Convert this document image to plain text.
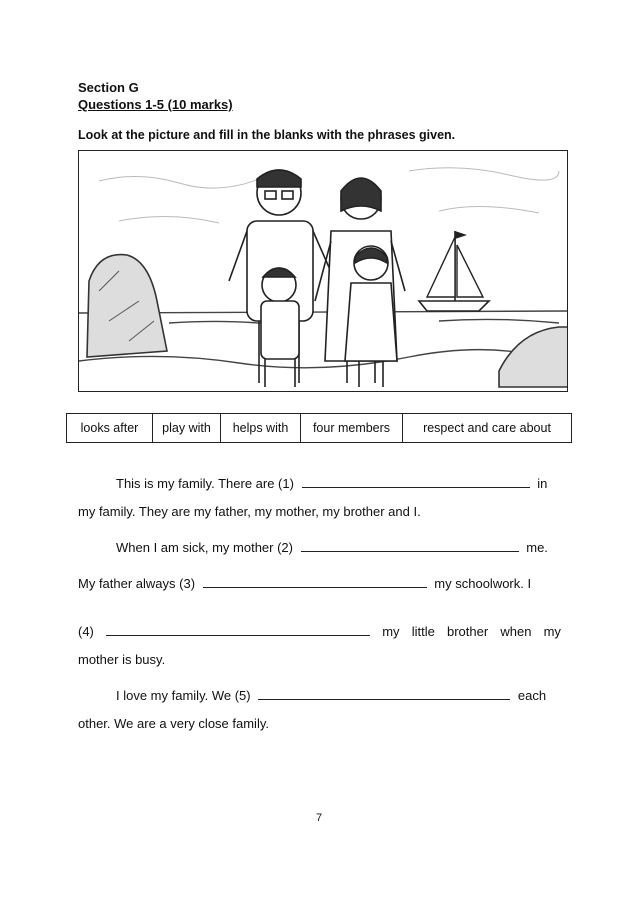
Section G
Questions 1-5 (10 marks)
Look at the picture and fill in the blanks with the phrases given.
looks after	play with	helps with	four members	respect and care about
This is my family. There are (1)	in
my family. They are my father, my mother, my brother and I.
When I am sick, my mother (2)	me.
My father always (3)	my schoolwork. I
(4)	my little brother when my
mother is busy.
I love my family. We (5)	each
other. We are a very close family.
7
